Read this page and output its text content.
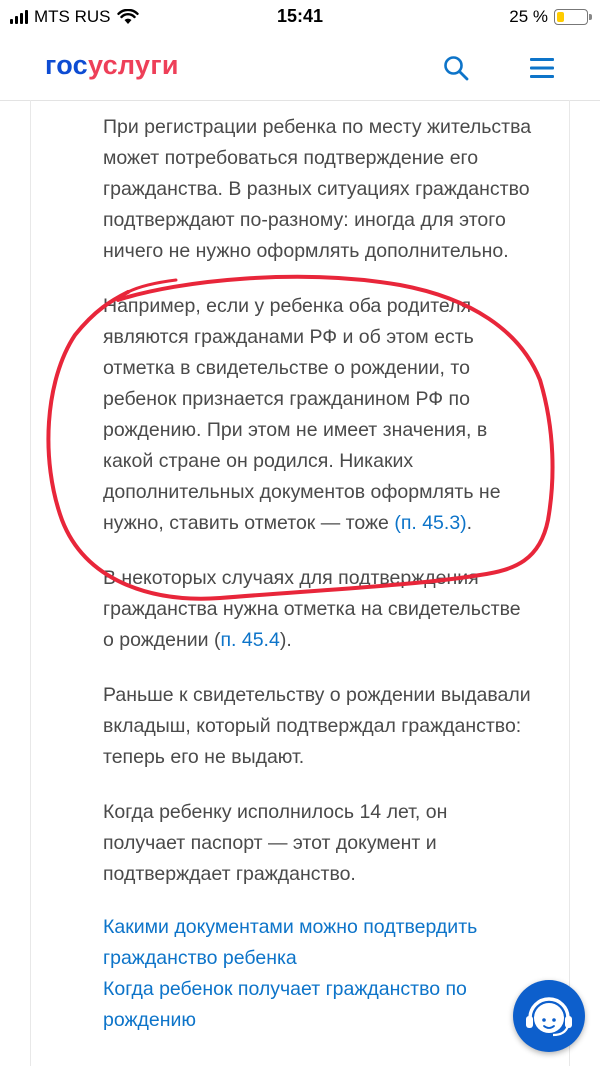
MTS RUS	15:41	25 %
госуслуги

При регистрации ребенка по месту жительства может потребоваться подтверждение его гражданства. В разных ситуациях гражданство подтверждают по-разному: иногда для этого ничего не нужно оформлять дополнительно.

Например, если у ребенка оба родителя являются гражданами РФ и об этом есть отметка в свидетельстве о рождении, то ребенок признается гражданином РФ по рождению. При этом не имеет значения, в какой стране он родился. Никаких дополнительных документов оформлять не нужно, ставить отметок — тоже (п. 45.3).

В некоторых случаях для подтверждения гражданства нужна отметка на свидетельстве о рождении (п. 45.4).

Раньше к свидетельству о рождении выдавали вкладыш, который подтверждал гражданство: теперь его не выдают.

Когда ребенку исполнилось 14 лет, он получает паспорт — этот документ и подтверждает гражданство.

Какими документами можно подтвердить гражданство ребенка
Когда ребенок получает гражданство по рождению
